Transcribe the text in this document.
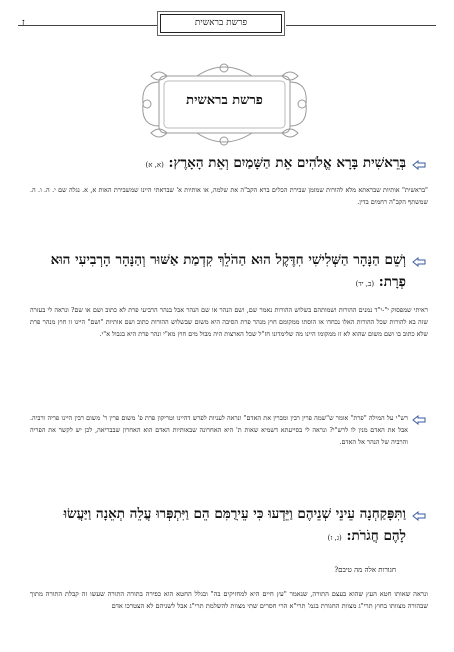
פרשת בראשית
ז
פרשת בראשית
בְּרֵאשִׁית בָּרָא אֱלֹהִים אֵת הַשָּׁמַיִם וְאֵת הָאָרֶץ: (א, א)
"בראשית" אותיות שבראתא מלא להורות שמזמן שבירת הכלים ברא הקב"ה את שלמה, או אותיות א' שבראתי היינו שמשבירת האות א, א. נגלה שם י. ה. ו. ה. שמשתף הקב"ה רחמים בדין.
וְשֵׁם הַנָּהָר הַשְּׁלִישִׁי חִדֶּקֶל הוּא הַהֹלֵךְ קִדְמַת אַשּׁוּר וְהַנָּהָר הָרְבִיעִי הוּא פְרָת: (ב, יד)
ראיתי שמפסוק י"-י"ד נמנים ההורות ושמותהם בשלוש ההורות נאמר שם, ושם הנהר או שם הנהר אבל בנהר הרביעי פרת לא כתוב ושם או שם? ונראה לי בעזרה שזה בא להורות שכל ההורות האלו נכחדו או הוסתו ממקומם חוץ מנהר פרת הסיבה היא משום שבשלוש ההורות כתוב ושם אותיות "ושם" היינו זו חוץ מנהר פרת שלא כתוב בו ושם משום שהוא לא זז ממקומו היינו מה שלימדונו חז"ל שכל הארצות היה מבול מים חוץ מא"י ונהר פרת היא בגבול א"י.
רש"י על המילה "פרת" אומר ש"שמה פרין רבין ומברין את האדם" ונראה לעניות לפרש דהיינו וטריקון פרת פ' משום פרין ר' משום רבין היינו פריה ורביה. אבל את האדם מנין לו לרש"י? ונראה לי בסייעתא דשמיא שאות ת' היא האחרונה שבאותיות האדם הוא האחרון שבבריאה, לכן יש לקשר את הפריה והרביה של הנהר אל האדם.
וַתִּפָּקַחְנָה עֵינֵי שְׁנֵיהֶם וַיֵּדְעוּ כִּי עֵירֻמִּם הֵם וַיִּתְפְּרוּ עֲלֵה תְאֵנָה וַיַּעֲשׂוּ לָהֶם חֲגֹרֹת: (ג, ז)
חגורות אלה מה טיבם?
ונראה שאותו חטא העץ שהוא בעצם התורה, שנאמר "עץ חיים היא למחזיקים בה" ובגלל החטא הוא כפירה בתורה התורה שעשו זה קבלת התורה מתוך שבהורה מצוותו בחוץ תרי"ג מצוות החגורת בגמ' תרי"א הרי חסרים שתי מצוות להשלמת תרי"ג אבל לשניהם לא הצטרכו אדם
